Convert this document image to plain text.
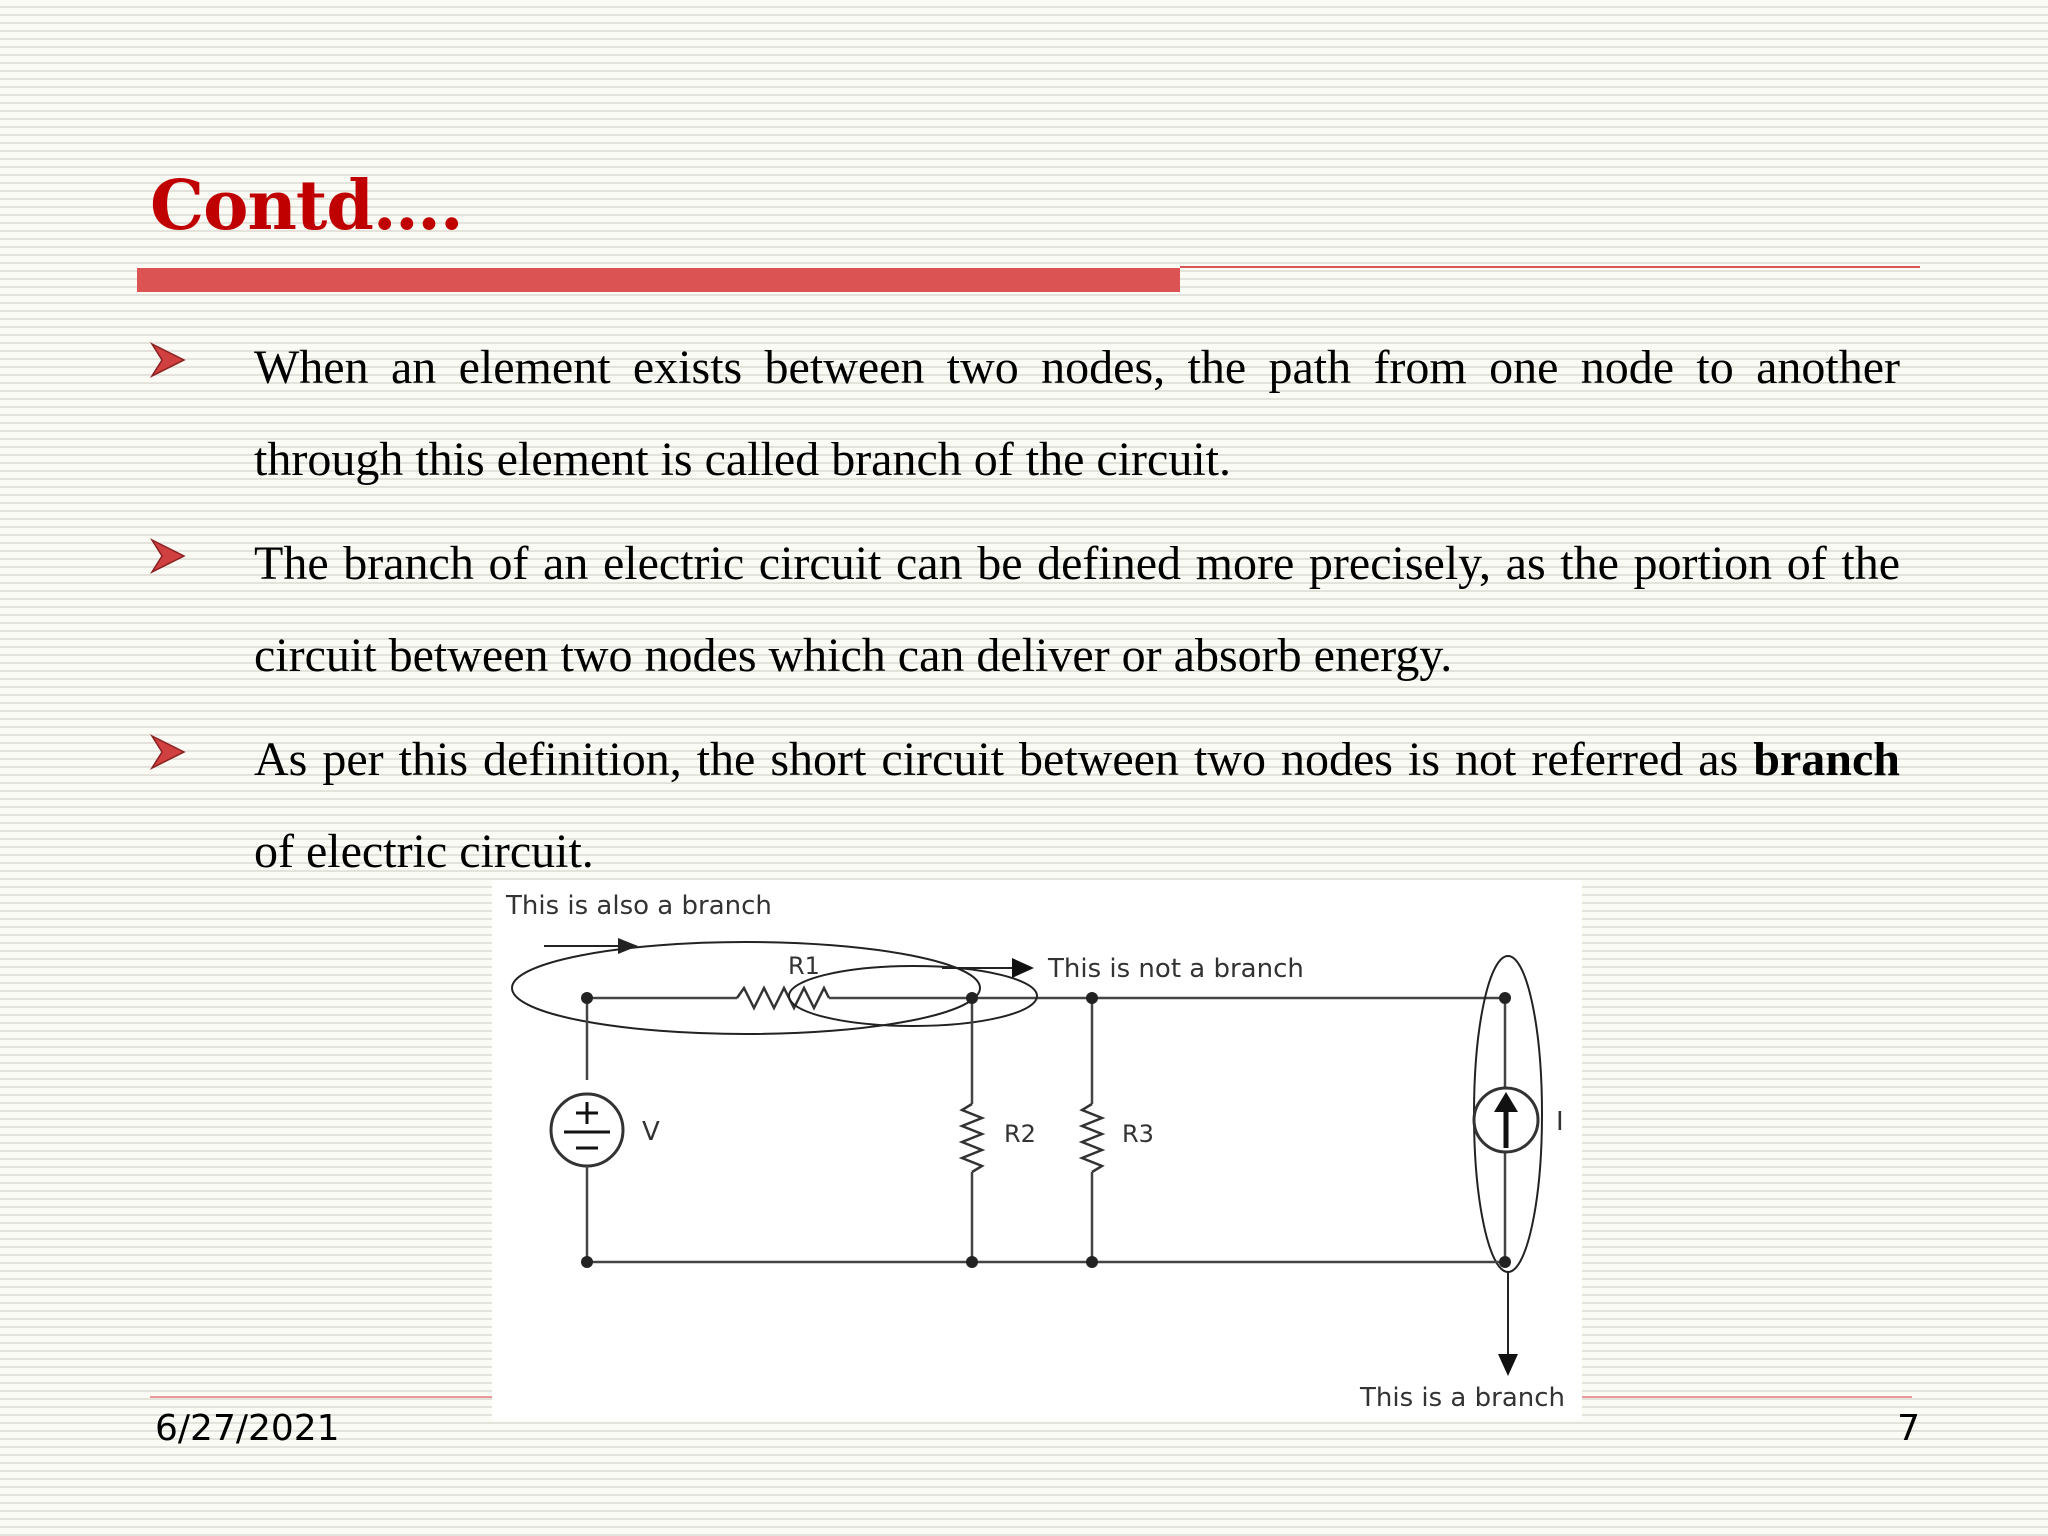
Contd….
When an element exists between two nodes, the path from one node to another through this element is called branch of the circuit.
The branch of an electric circuit can be defined more precisely, as the portion of the circuit between two nodes which can deliver or absorb energy.
As per this definition, the short circuit between two nodes is not referred as branch of electric circuit.
This is also a branch
R1	This is not a branch
V	R2	R3	I
This is a branch
6/27/2021	7
